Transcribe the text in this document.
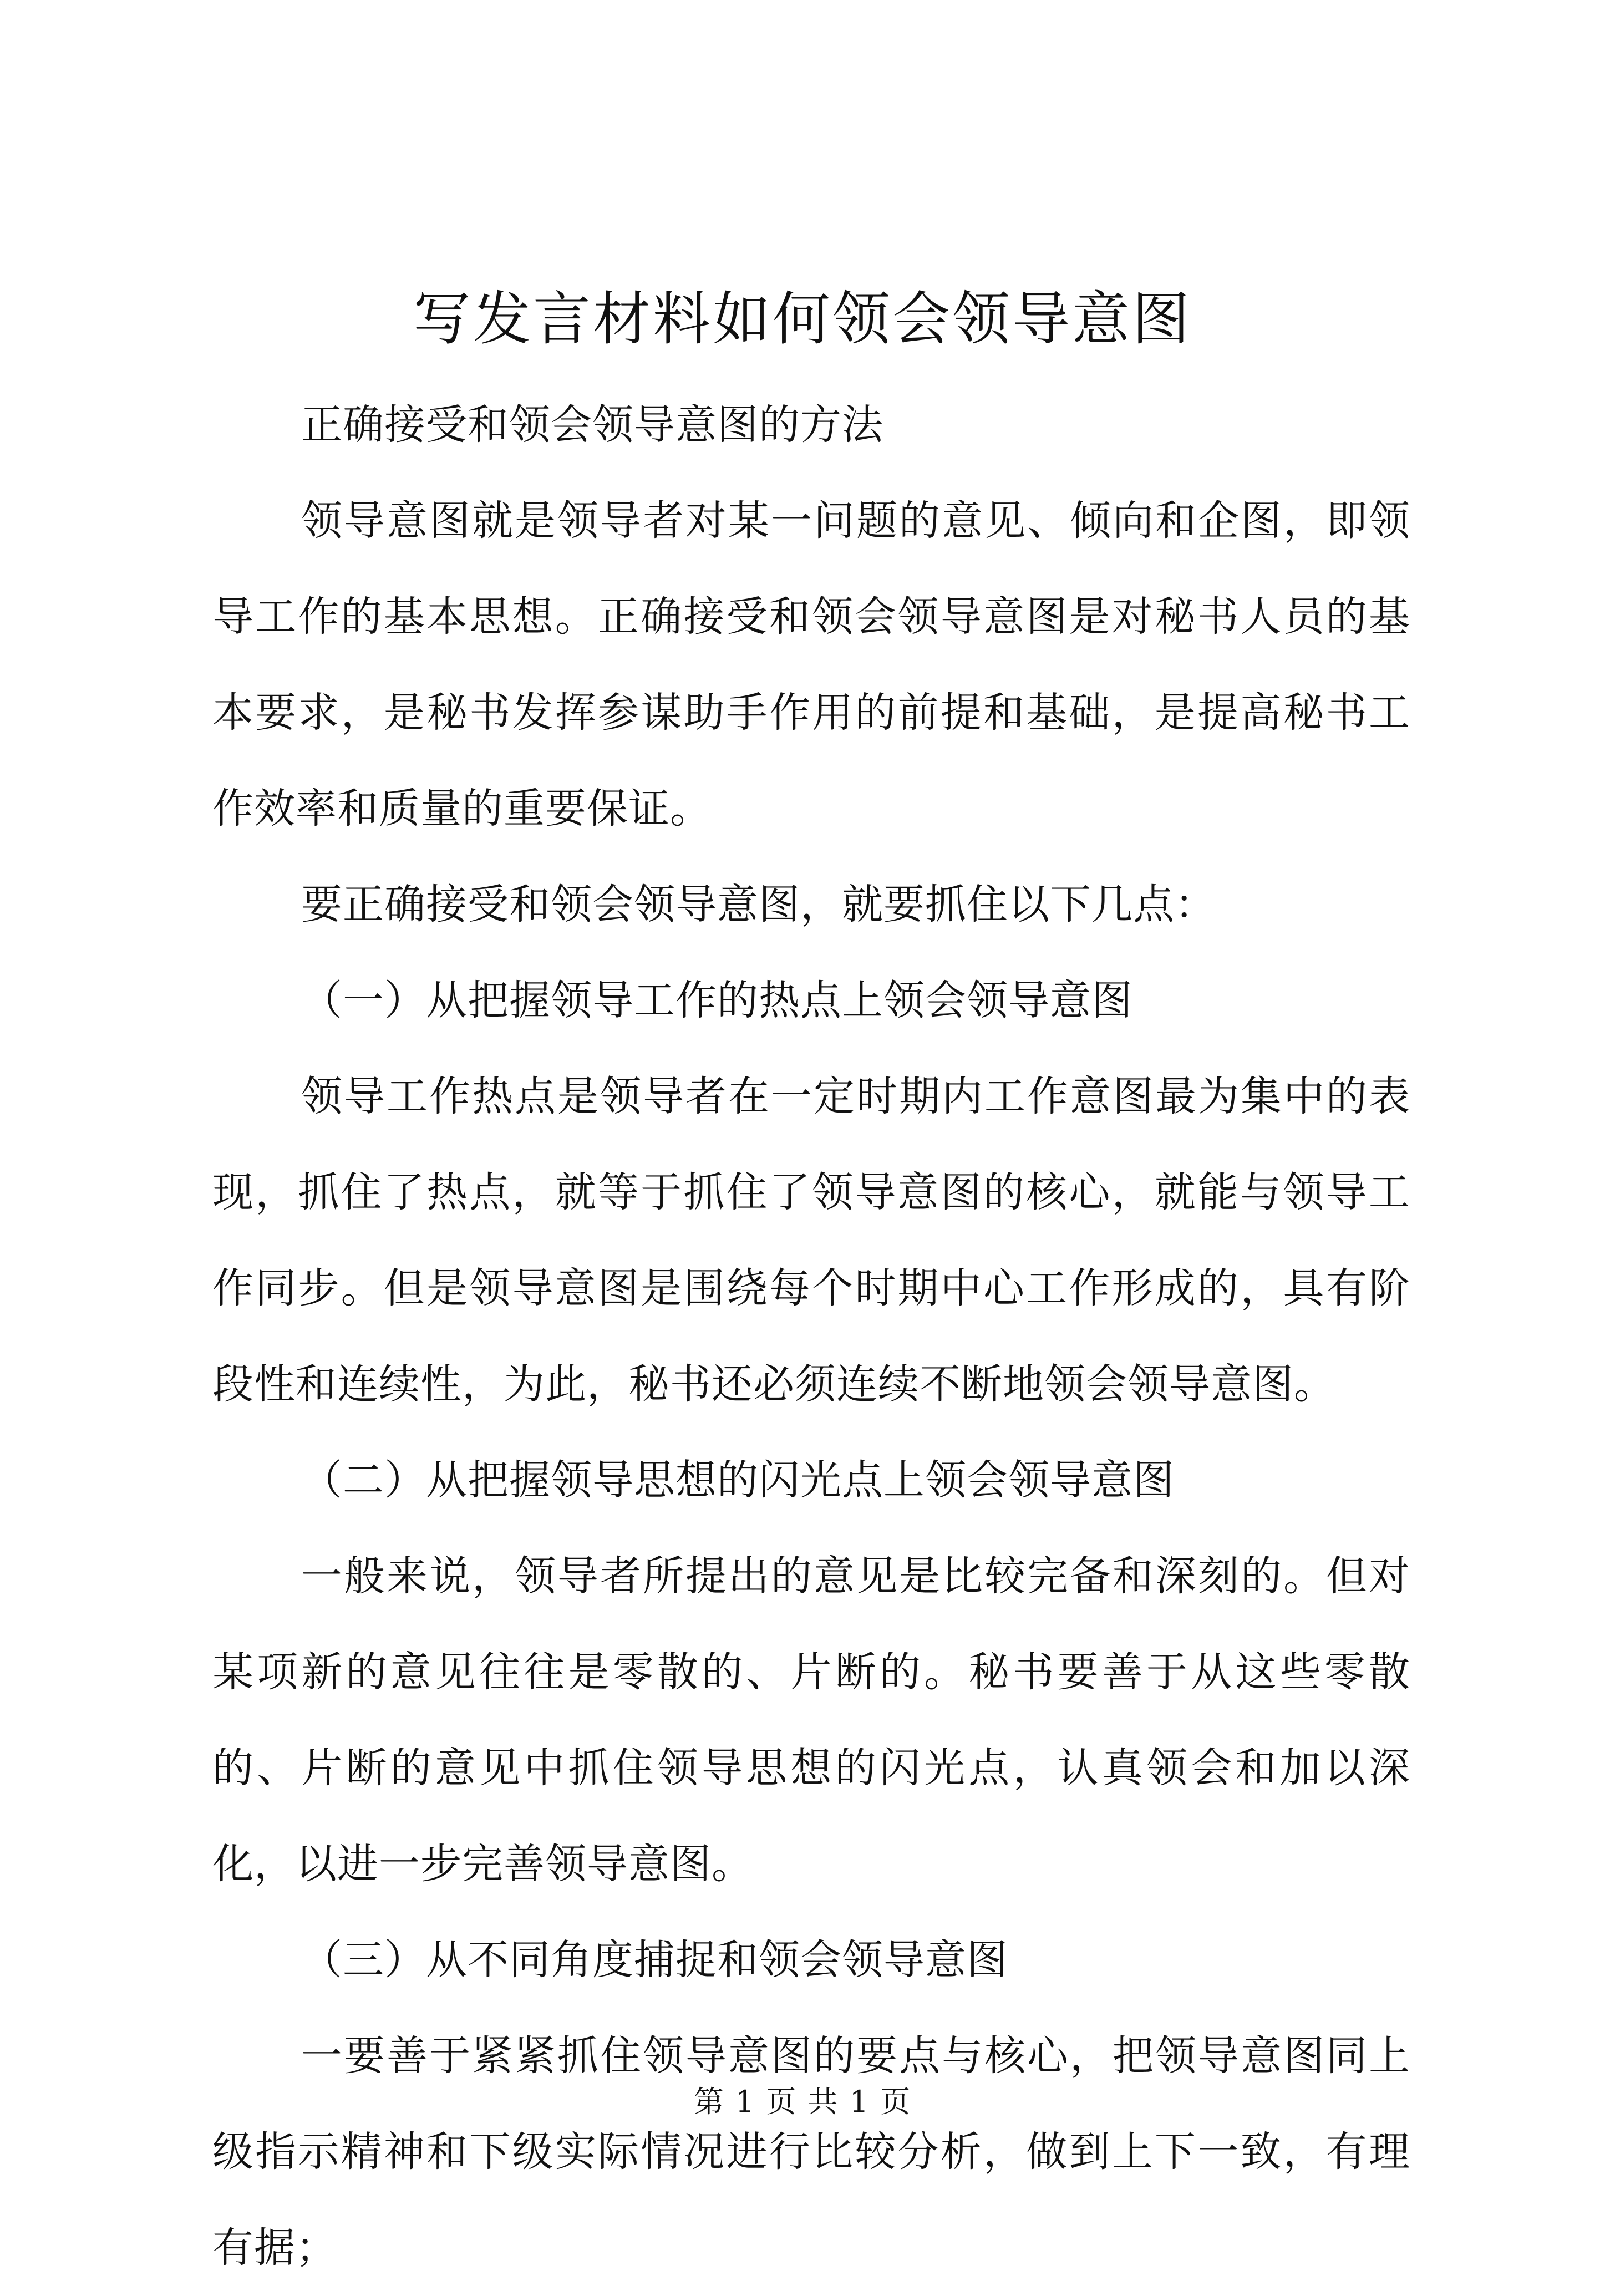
写发言材料如何领会领导意图

正确接受和领会领导意图的方法

领导意图就是领导者对某一问题的意见、倾向和企图，即领导工作的基本思想。正确接受和领会领导意图是对秘书人员的基本要求，是秘书发挥参谋助手作用的前提和基础，是提高秘书工作效率和质量的重要保证。

要正确接受和领会领导意图，就要抓住以下几点：

（一）从把握领导工作的热点上领会领导意图

领导工作热点是领导者在一定时期内工作意图最为集中的表现，抓住了热点，就等于抓住了领导意图的核心，就能与领导工作同步。但是领导意图是围绕每个时期中心工作形成的，具有阶段性和连续性，为此，秘书还必须连续不断地领会领导意图。

（二）从把握领导思想的闪光点上领会领导意图

一般来说，领导者所提出的意见是比较完备和深刻的。但对某项新的意见往往是零散的、片断的。秘书要善于从这些零散的、片断的意见中抓住领导思想的闪光点，认真领会和加以深化，以进一步完善领导意图。

（三）从不同角度捕捉和领会领导意图

一要善于紧紧抓住领导意图的要点与核心，把领导意图同上级指示精神和下级实际情况进行比较分析，做到上下一致，有理有据；

第 1 页 共 1 页
